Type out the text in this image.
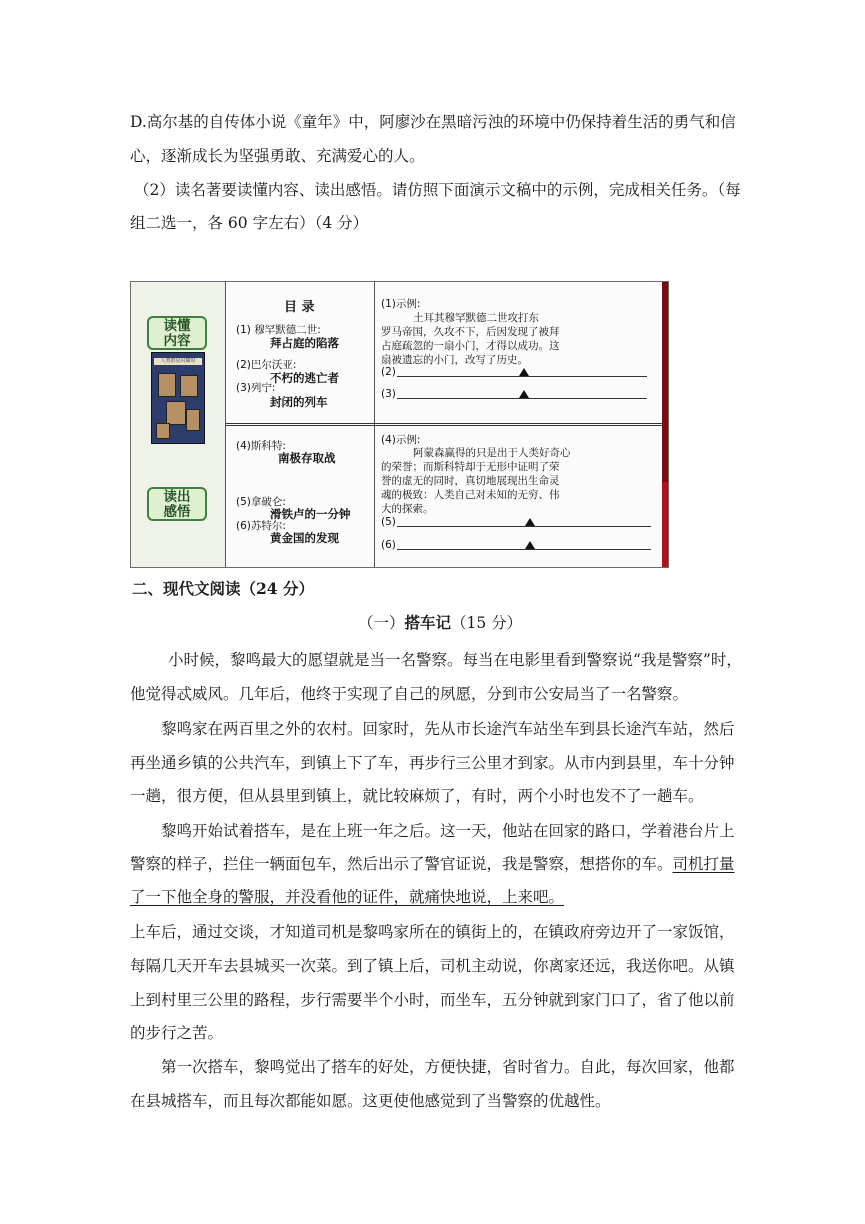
D.高尔基的自传体小说《童年》中，阿廖沙在黑暗污浊的环境中仍保持着生活的勇气和信
心，逐渐成长为坚强勇敢、充满爱心的人。
（2）读名著要读懂内容、读出感悟。请仿照下面演示文稿中的示例，完成相关任务。（每
组二选一，各 60 字左右）（4 分）
读懂
内容
人类群星闪耀时
读出
感悟
目 录
(1) 穆罕默德二世:
拜占庭的陷落
(2)巴尔沃亚:
不朽的逃亡者
(3)列宁:
封闭的列车
(4)斯科特:
南极存取战
(5)拿破仑:
滑铁卢的一分钟
(6)苏特尔:
黄金国的发现
(1)示例:
土耳其穆罕默德二世攻打东
罗马帝国，久攻不下，后因发现了被拜
占庭疏忽的一扇小门，才得以成功。这
扇被遗忘的小门，改写了历史。
(2)
(3)
(4)示例:
阿蒙森赢得的只是出于人类好奇心
的荣誉；而斯科特却于无形中证明了荣
誉的虚无的同时，真切地展现出生命灵
魂的极致：人类自己对未知的无穷、伟
大的探索。
(5)
(6)
二、现代文阅读（24 分）
（一）搭车记（15 分）
小时候，黎鸣最大的愿望就是当一名警察。每当在电影里看到警察说“我是警察”时，
他觉得忒威风。几年后，他终于实现了自己的夙愿，分到市公安局当了一名警察。
黎鸣家在两百里之外的农村。回家时，先从市长途汽车站坐车到县长途汽车站，然后
再坐通乡镇的公共汽车，到镇上下了车，再步行三公里才到家。从市内到县里，车十分钟
一趟，很方便，但从县里到镇上，就比较麻烦了，有时，两个小时也发不了一趟车。
黎鸣开始试着搭车，是在上班一年之后。这一天，他站在回家的路口，学着港台片上
警察的样子，拦住一辆面包车，然后出示了警官证说，我是警察，想搭你的车。司机打量
了一下他全身的警服，并没看他的证件，就痛快地说，上来吧。
上车后，通过交谈，才知道司机是黎鸣家所在的镇街上的，在镇政府旁边开了一家饭馆，
每隔几天开车去县城买一次菜。到了镇上后，司机主动说，你离家还远，我送你吧。从镇
上到村里三公里的路程，步行需要半个小时，而坐车，五分钟就到家门口了，省了他以前
的步行之苦。
第一次搭车，黎鸣觉出了搭车的好处，方便快捷，省时省力。自此，每次回家，他都
在县城搭车，而且每次都能如愿。这更使他感觉到了当警察的优越性。
